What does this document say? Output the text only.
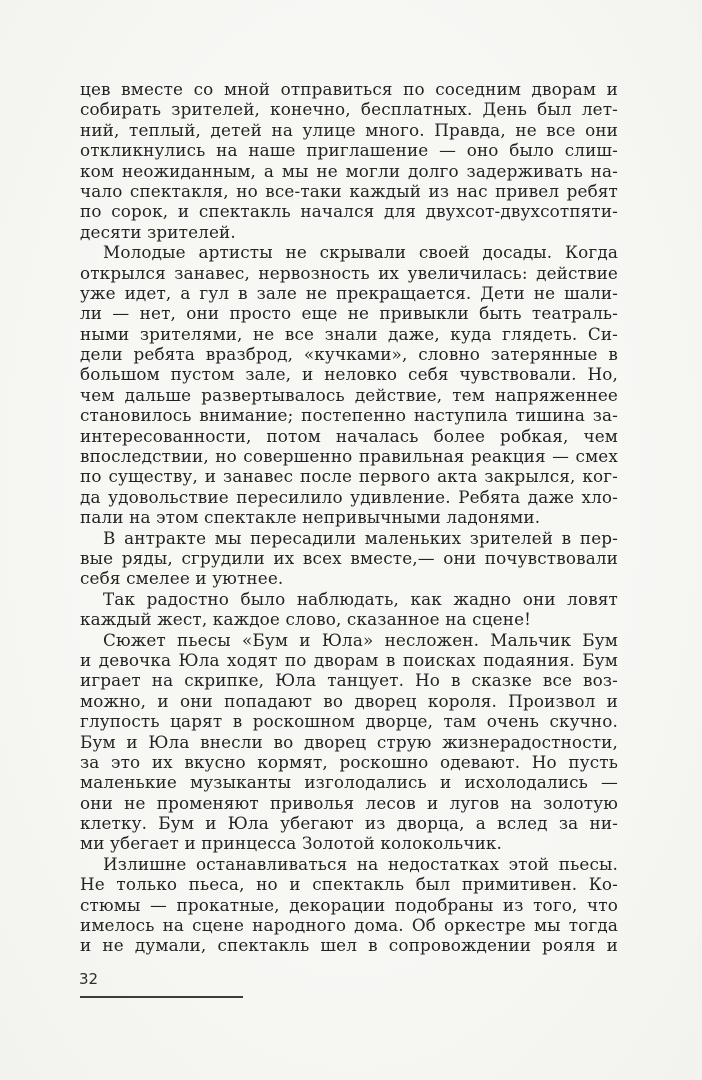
цев вместе со мной отправиться по соседним дворам и
собирать зрителей, конечно, бесплатных. День был лет-
ний, теплый, детей на улице много. Правда, не все они
откликнулись на наше приглашение — оно было слиш-
ком неожиданным, а мы не могли долго задерживать на-
чало спектакля, но все-таки каждый из нас привел ребят
по сорок, и спектакль начался для двухсот-двухсотпяти-
десяти зрителей.
Молодые артисты не скрывали своей досады. Когда
открылся занавес, нервозность их увеличилась: действие
уже идет, а гул в зале не прекращается. Дети не шали-
ли — нет, они просто еще не привыкли быть театраль-
ными зрителями, не все знали даже, куда глядеть. Си-
дели ребята вразброд, «кучками», словно затерянные в
большом пустом зале, и неловко себя чувствовали. Но,
чем дальше развертывалось действие, тем напряженнее
становилось внимание; постепенно наступила тишина за-
интересованности, потом началась более робкая, чем
впоследствии, но совершенно правильная реакция — смех
по существу, и занавес после первого акта закрылся, ког-
да удовольствие пересилило удивление. Ребята даже хло-
пали на этом спектакле непривычными ладонями.
В антракте мы пересадили маленьких зрителей в пер-
вые ряды, сгрудили их всех вместе,— они почувствовали
себя смелее и уютнее.
Так радостно было наблюдать, как жадно они ловят
каждый жест, каждое слово, сказанное на сцене!
Сюжет пьесы «Бум и Юла» несложен. Мальчик Бум
и девочка Юла ходят по дворам в поисках подаяния. Бум
играет на скрипке, Юла танцует. Но в сказке все воз-
можно, и они попадают во дворец короля. Произвол и
глупость царят в роскошном дворце, там очень скучно.
Бум и Юла внесли во дворец струю жизнерадостности,
за это их вкусно кормят, роскошно одевают. Но пусть
маленькие музыканты изголодались и исхолодались —
они не променяют приволья лесов и лугов на золотую
клетку. Бум и Юла убегают из дворца, а вслед за ни-
ми убегает и принцесса Золотой колокольчик.
Излишне останавливаться на недостатках этой пьесы.
Не только пьеса, но и спектакль был примитивен. Ко-
стюмы — прокатные, декорации подобраны из того, что
имелось на сцене народного дома. Об оркестре мы тогда
и не думали, спектакль шел в сопровождении рояля и
32
